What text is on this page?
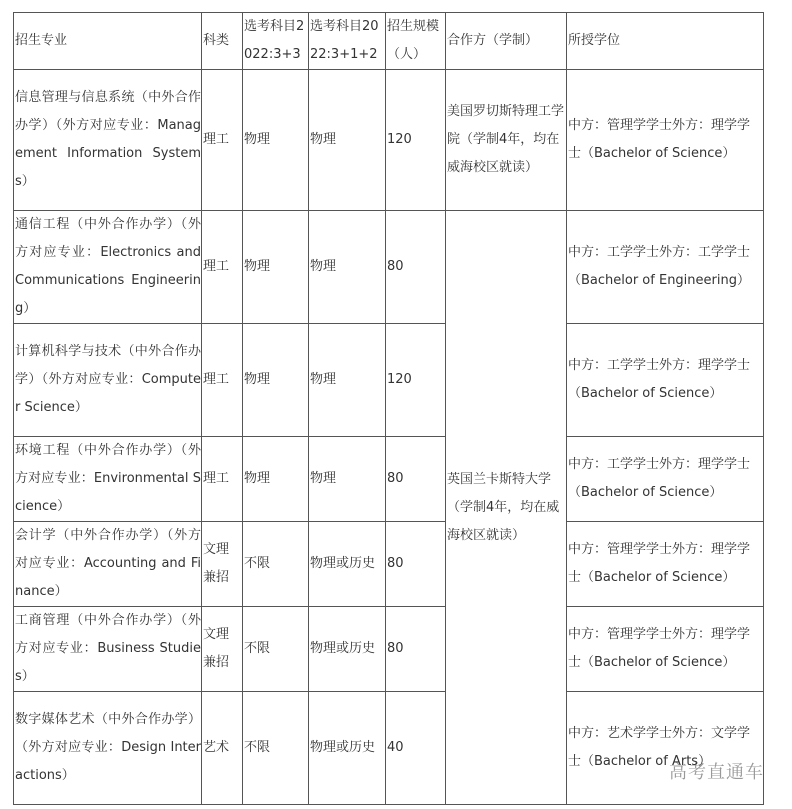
招生专业	科类	选考科目2022:3+3	选考科目2022:3+1+2	招生规模（人）	合作方（学制）	所授学位
信息管理与信息系统（中外合作办学）（外方对应专业：Management Information Systems）	理工	物理	物理	120	美国罗切斯特理工学院（学制4年，均在威海校区就读）	中方：管理学学士外方：理学学士（Bachelor of Science）
通信工程（中外合作办学）（外方对应专业：Electronics and Communications Engineering）	理工	物理	物理	80	英国兰卡斯特大学（学制4年，均在威海校区就读）	中方：工学学士外方：工学学士（Bachelor of Engineering）
计算机科学与技术（中外合作办学）（外方对应专业：Computer Science）	理工	物理	物理	120		中方：工学学士外方：理学学士（Bachelor of Science）
环境工程（中外合作办学）（外方对应专业：Environmental Science）	理工	物理	物理	80		中方：工学学士外方：理学学士（Bachelor of Science）
会计学（中外合作办学）（外方对应专业：Accounting and Finance）	文理兼招	不限	物理或历史	80		中方：管理学学士外方：理学学士（Bachelor of Science）
工商管理（中外合作办学）（外方对应专业：Business Studies）	文理兼招	不限	物理或历史	80		中方：管理学学士外方：理学学士（Bachelor of Science）
数字媒体艺术（中外合作办学）（外方对应专业：Design Interactions）	艺术	不限	物理或历史	40		中方：艺术学学士外方：文学学士（Bachelor of Arts）
高考直通车
